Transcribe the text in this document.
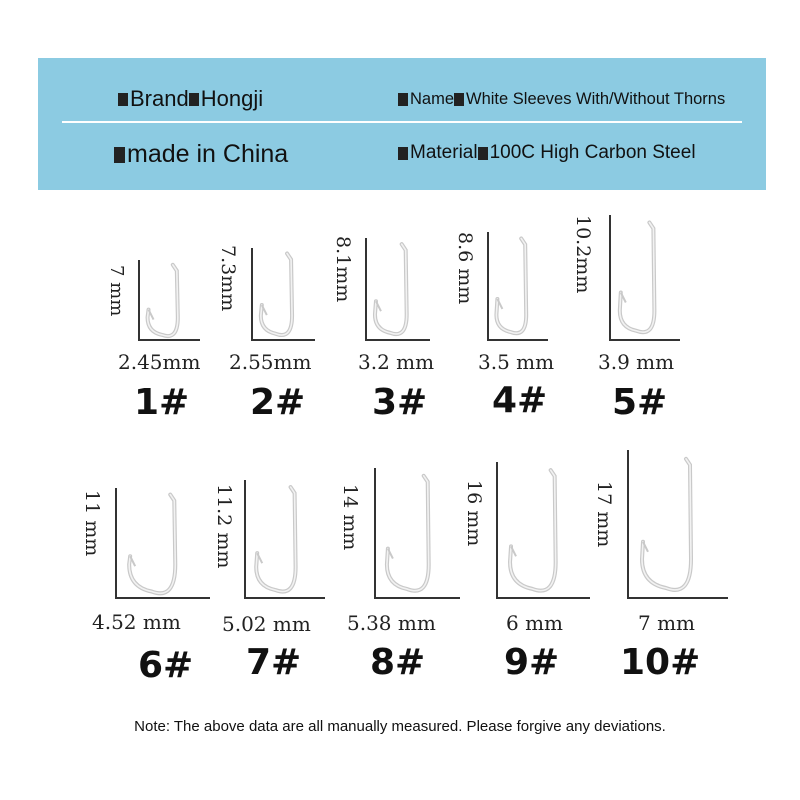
Brand Hongji
made in China
Name White Sleeves With/Without Thorns
Material 100C High Carbon Steel
7 mm
2.45mm
1#
7.3mm
2.55mm
2#
8.1mm
3.2 mm
3#
8.6 mm
3.5 mm
4#
10.2mm
3.9 mm
5#
11 mm
4.52 mm
6#
11.2 mm
5.02 mm
7#
14 mm
5.38 mm
8#
16 mm
6 mm
9#
17 mm
7 mm
10#
Note: The above data are all manually measured. Please forgive any deviations.
